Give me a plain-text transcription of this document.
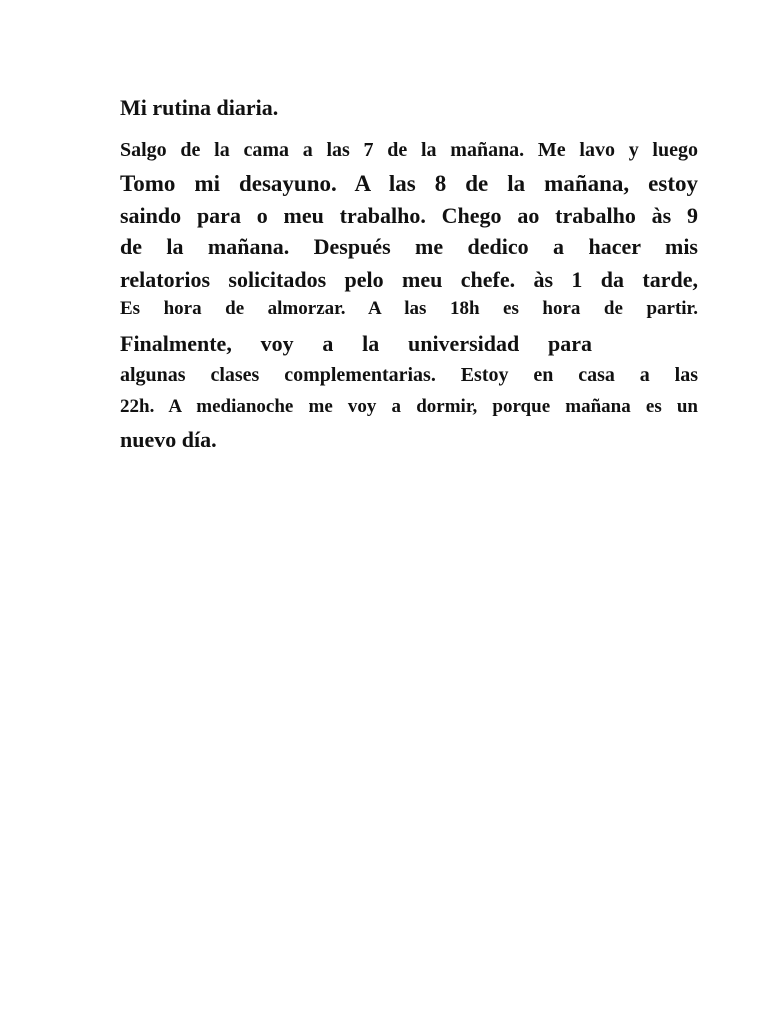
Mi rutina diaria.
Salgo de la cama a las 7 de la mañana. Me lavo y luego
Tomo mi desayuno. A las 8 de la mañana, estoy
saindo para o meu trabalho. Chego ao trabalho às 9
de la mañana. Después me dedico a hacer mis
relatorios solicitados pelo meu chefe. às 1 da tarde,
Es hora de almorzar. A las 18h es hora de partir.
Finalmente, voy a la universidad para
algunas clases complementarias. Estoy en casa a las
22h. A medianoche me voy a dormir, porque mañana es un
nuevo día.
